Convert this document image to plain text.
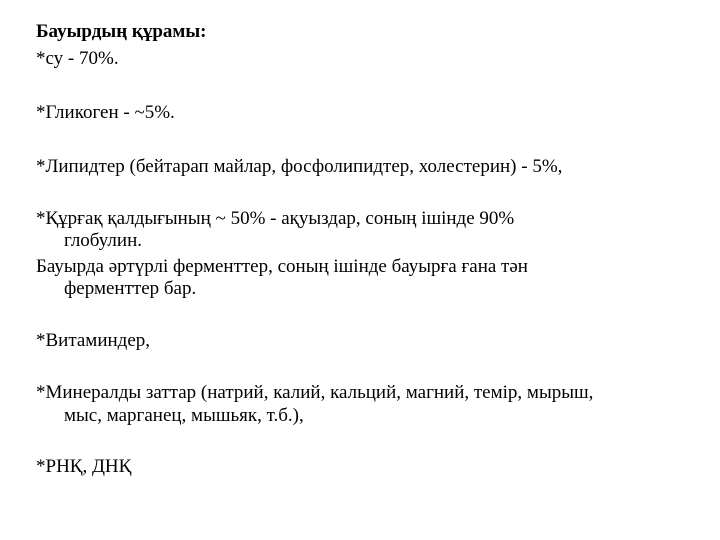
Бауырдың құрамы:
*су - 70%.
*Гликоген - ~5%.
*Липидтер (бейтарап майлар, фосфолипидтер, холестерин) - 5%,
*Құрғақ қалдығының ~ 50% - ақуыздар, соның ішінде 90%
глобулин.
Бауырда әртүрлі ферменттер, соның ішінде бауырға ғана тән
ферменттер бар.
*Витаминдер,
*Минералды заттар (натрий, калий, кальций, магний, темір, мырыш,
мыс, марганец, мышьяк, т.б.),
*РНҚ, ДНҚ
